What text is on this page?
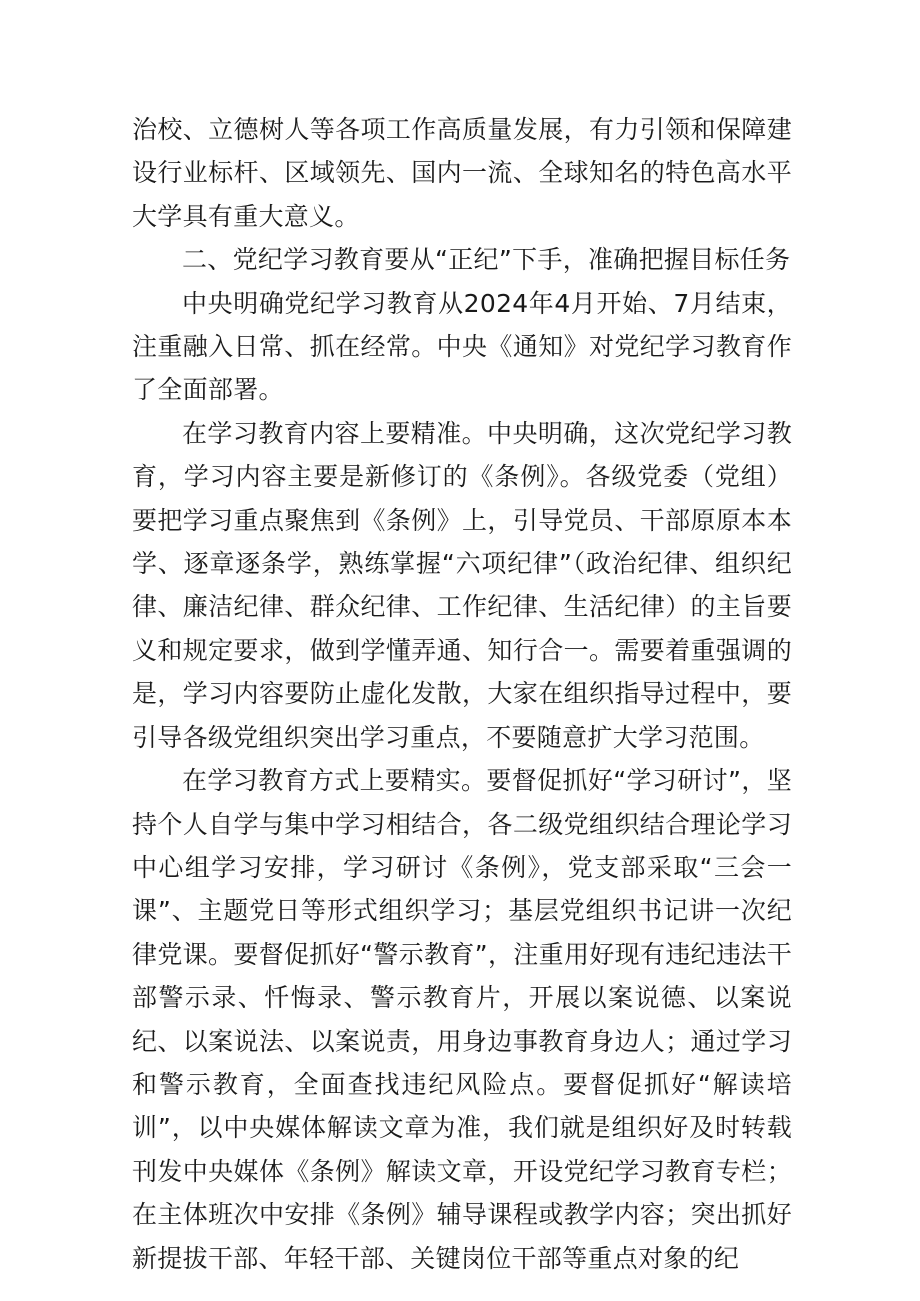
治校、立德树人等各项工作高质量发展，有力引领和保障建设行业标杆、区域领先、国内一流、全球知名的特色高水平大学具有重大意义。

二、党纪学习教育要从“正纪”下手，准确把握目标任务

中央明确党纪学习教育从2024年4月开始、7月结束，注重融入日常、抓在经常。中央《通知》对党纪学习教育作了全面部署。

在学习教育内容上要精准。中央明确，这次党纪学习教育，学习内容主要是新修订的《条例》。各级党委（党组）要把学习重点聚焦到《条例》上，引导党员、干部原原本本学、逐章逐条学，熟练掌握“六项纪律”（政治纪律、组织纪律、廉洁纪律、群众纪律、工作纪律、生活纪律）的主旨要义和规定要求，做到学懂弄通、知行合一。需要着重强调的是，学习内容要防止虚化发散，大家在组织指导过程中，要引导各级党组织突出学习重点，不要随意扩大学习范围。

在学习教育方式上要精实。要督促抓好“学习研讨”，坚持个人自学与集中学习相结合，各二级党组织结合理论学习中心组学习安排，学习研讨《条例》，党支部采取“三会一课”、主题党日等形式组织学习；基层党组织书记讲一次纪律党课。要督促抓好“警示教育”，注重用好现有违纪违法干部警示录、忏悔录、警示教育片，开展以案说德、以案说纪、以案说法、以案说责，用身边事教育身边人；通过学习和警示教育，全面查找违纪风险点。要督促抓好“解读培训”，以中央媒体解读文章为准，我们就是组织好及时转载刊发中央媒体《条例》解读文章，开设党纪学习教育专栏；在主体班次中安排《条例》辅导课程或教学内容；突出抓好新提拔干部、年轻干部、关键岗位干部等重点对象的纪
